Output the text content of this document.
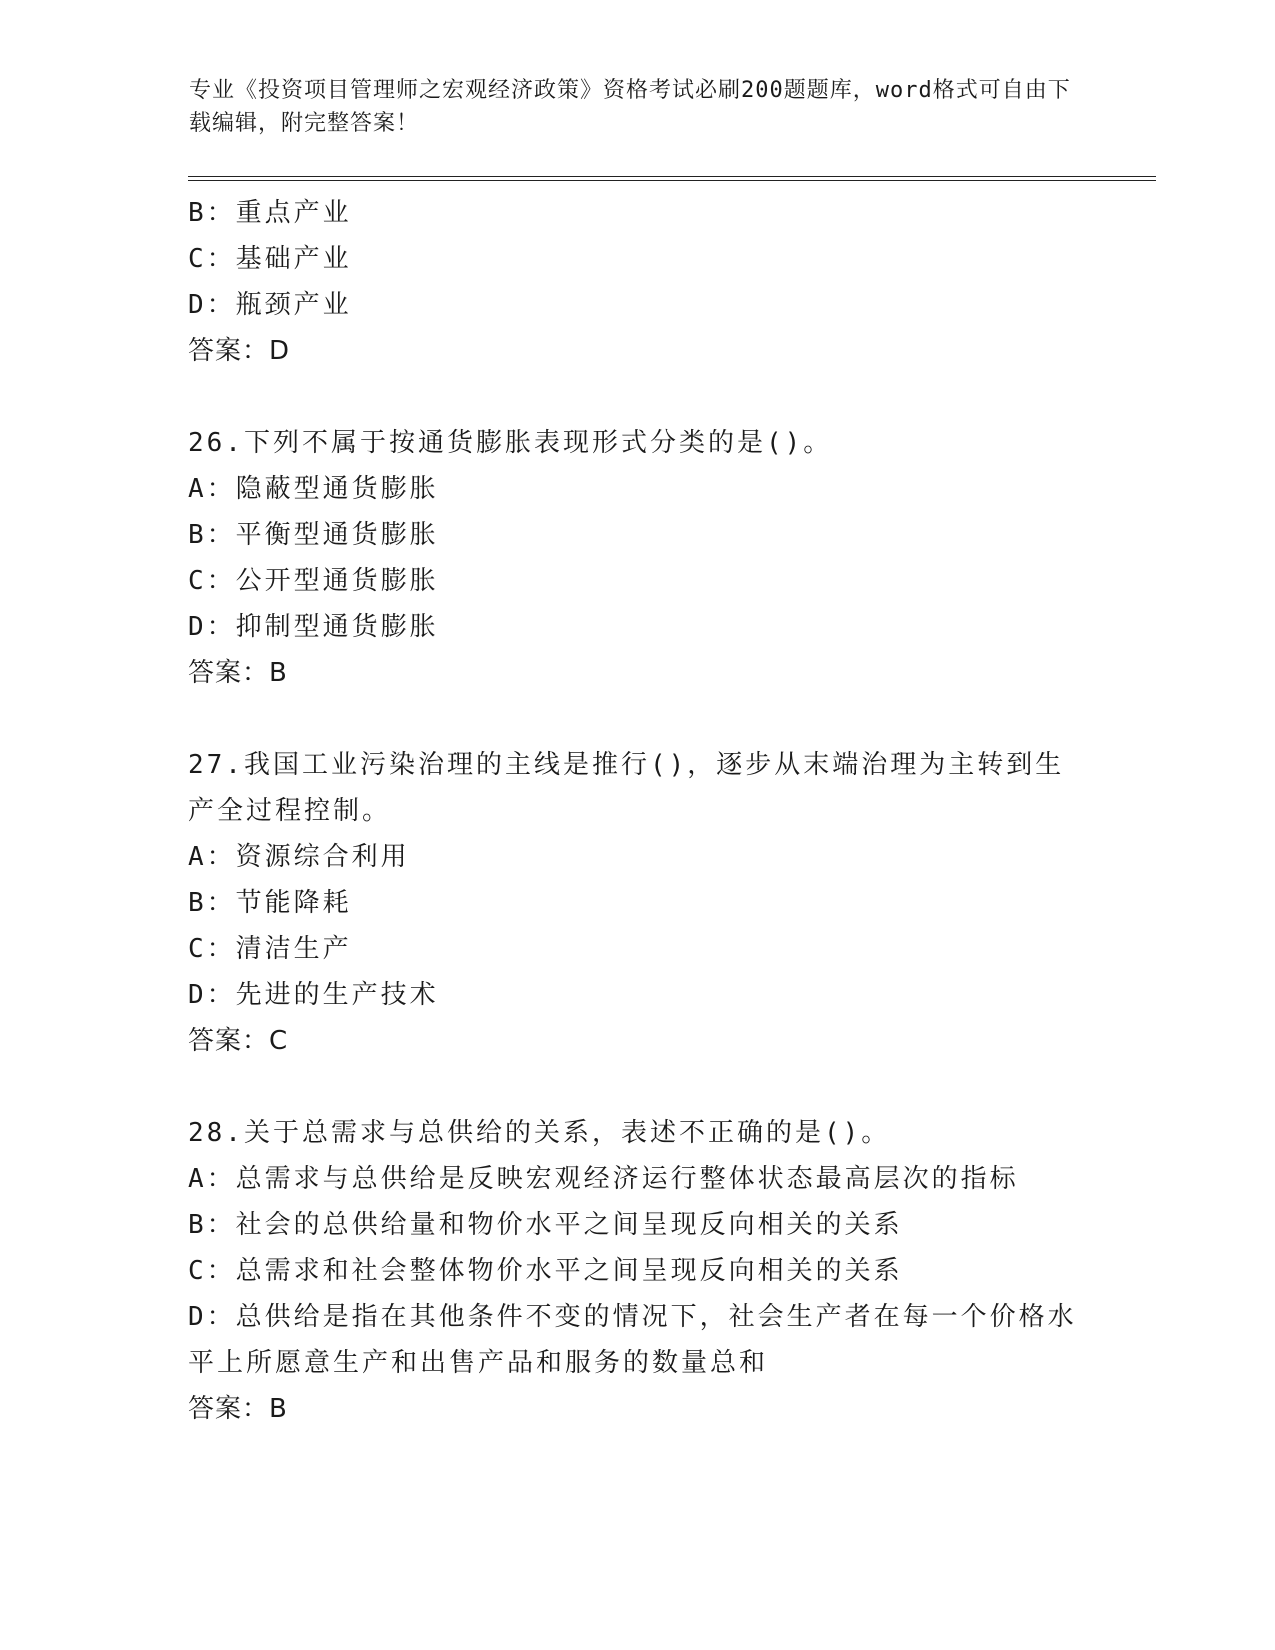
专业《投资项目管理师之宏观经济政策》资格考试必刷200题题库，word格式可自由下载编辑，附完整答案！
B：重点产业
C：基础产业
D：瓶颈产业
答案：D
26.下列不属于按通货膨胀表现形式分类的是()。
A：隐蔽型通货膨胀
B：平衡型通货膨胀
C：公开型通货膨胀
D：抑制型通货膨胀
答案：B
27.我国工业污染治理的主线是推行()，逐步从末端治理为主转到生产全过程控制。
A：资源综合利用
B：节能降耗
C：清洁生产
D：先进的生产技术
答案：C
28.关于总需求与总供给的关系，表述不正确的是()。
A：总需求与总供给是反映宏观经济运行整体状态最高层次的指标
B：社会的总供给量和物价水平之间呈现反向相关的关系
C：总需求和社会整体物价水平之间呈现反向相关的关系
D：总供给是指在其他条件不变的情况下，社会生产者在每一个价格水平上所愿意生产和出售产品和服务的数量总和
答案：B
